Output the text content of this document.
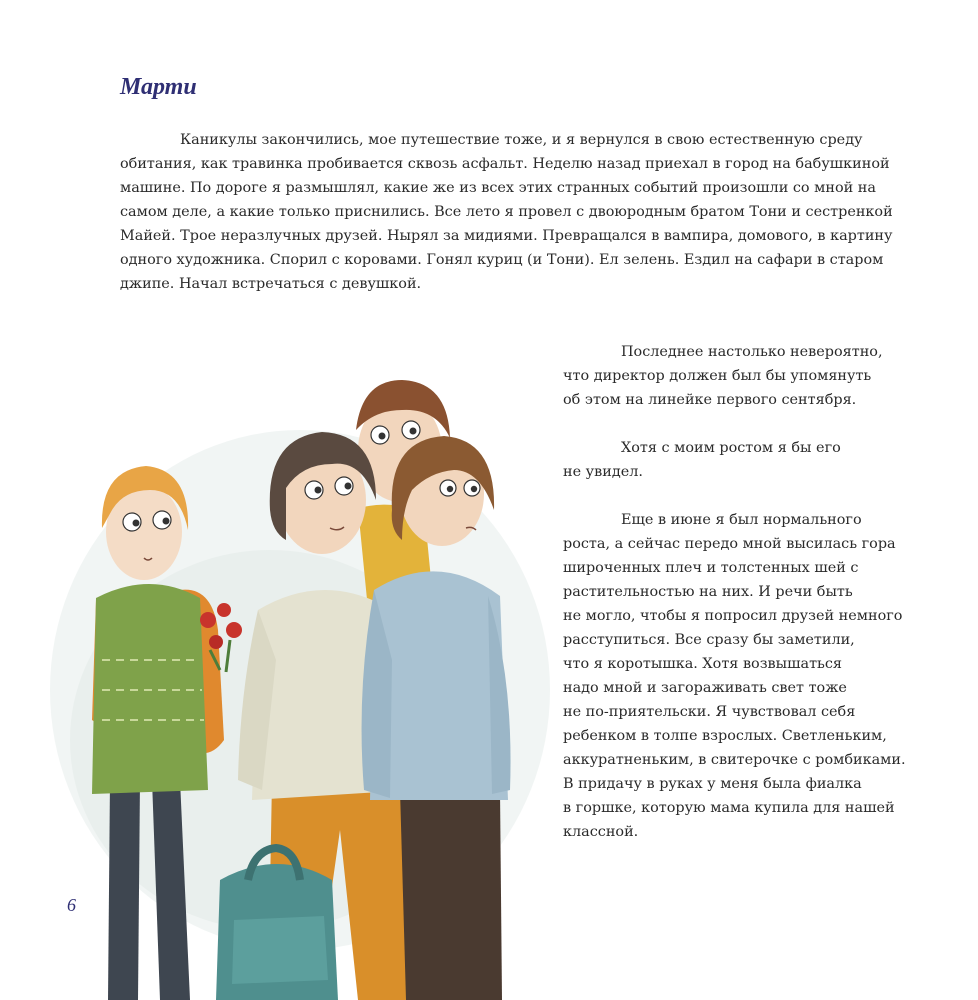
Марти
Каникулы закончились, мое путешествие тоже, и я вернулся в свою естественную среду
обитания, как травинка пробивается сквозь асфальт. Неделю назад приехал в город на бабушкиной
машине. По дороге я размышлял, какие же из всех этих странных событий произошли со мной на
самом деле, а какие только приснились. Все лето я провел с двоюродным братом Тони и сестренкой
Майей. Трое неразлучных друзей. Нырял за мидиями. Превращался в вампира, домового, в картину
одного художника. Спорил с коровами. Гонял куриц (и Тони). Ел зелень. Ездил на сафари в старом
джипе. Начал встречаться с девушкой.

Последнее настолько невероятно,
что директор должен был бы упомянуть
об этом на линейке первого сентября.

Хотя с моим ростом я бы его
не увидел.

Еще в июне я был нормального
роста, а сейчас передо мной высилась гора
широченных плеч и толстенных шей с
растительностью на них. И речи быть
не могло, чтобы я попросил друзей немного
расступиться. Все сразу бы заметили,
что я коротышка. Хотя возвышаться
надо мной и загораживать свет тоже
не по-приятельски. Я чувствовал себя
ребенком в толпе взрослых. Светленьким,
аккуратненьким, в свитерочке с ромбиками.
В придачу в руках у меня была фиалка
в горшке, которую мама купила для нашей
классной.

6
